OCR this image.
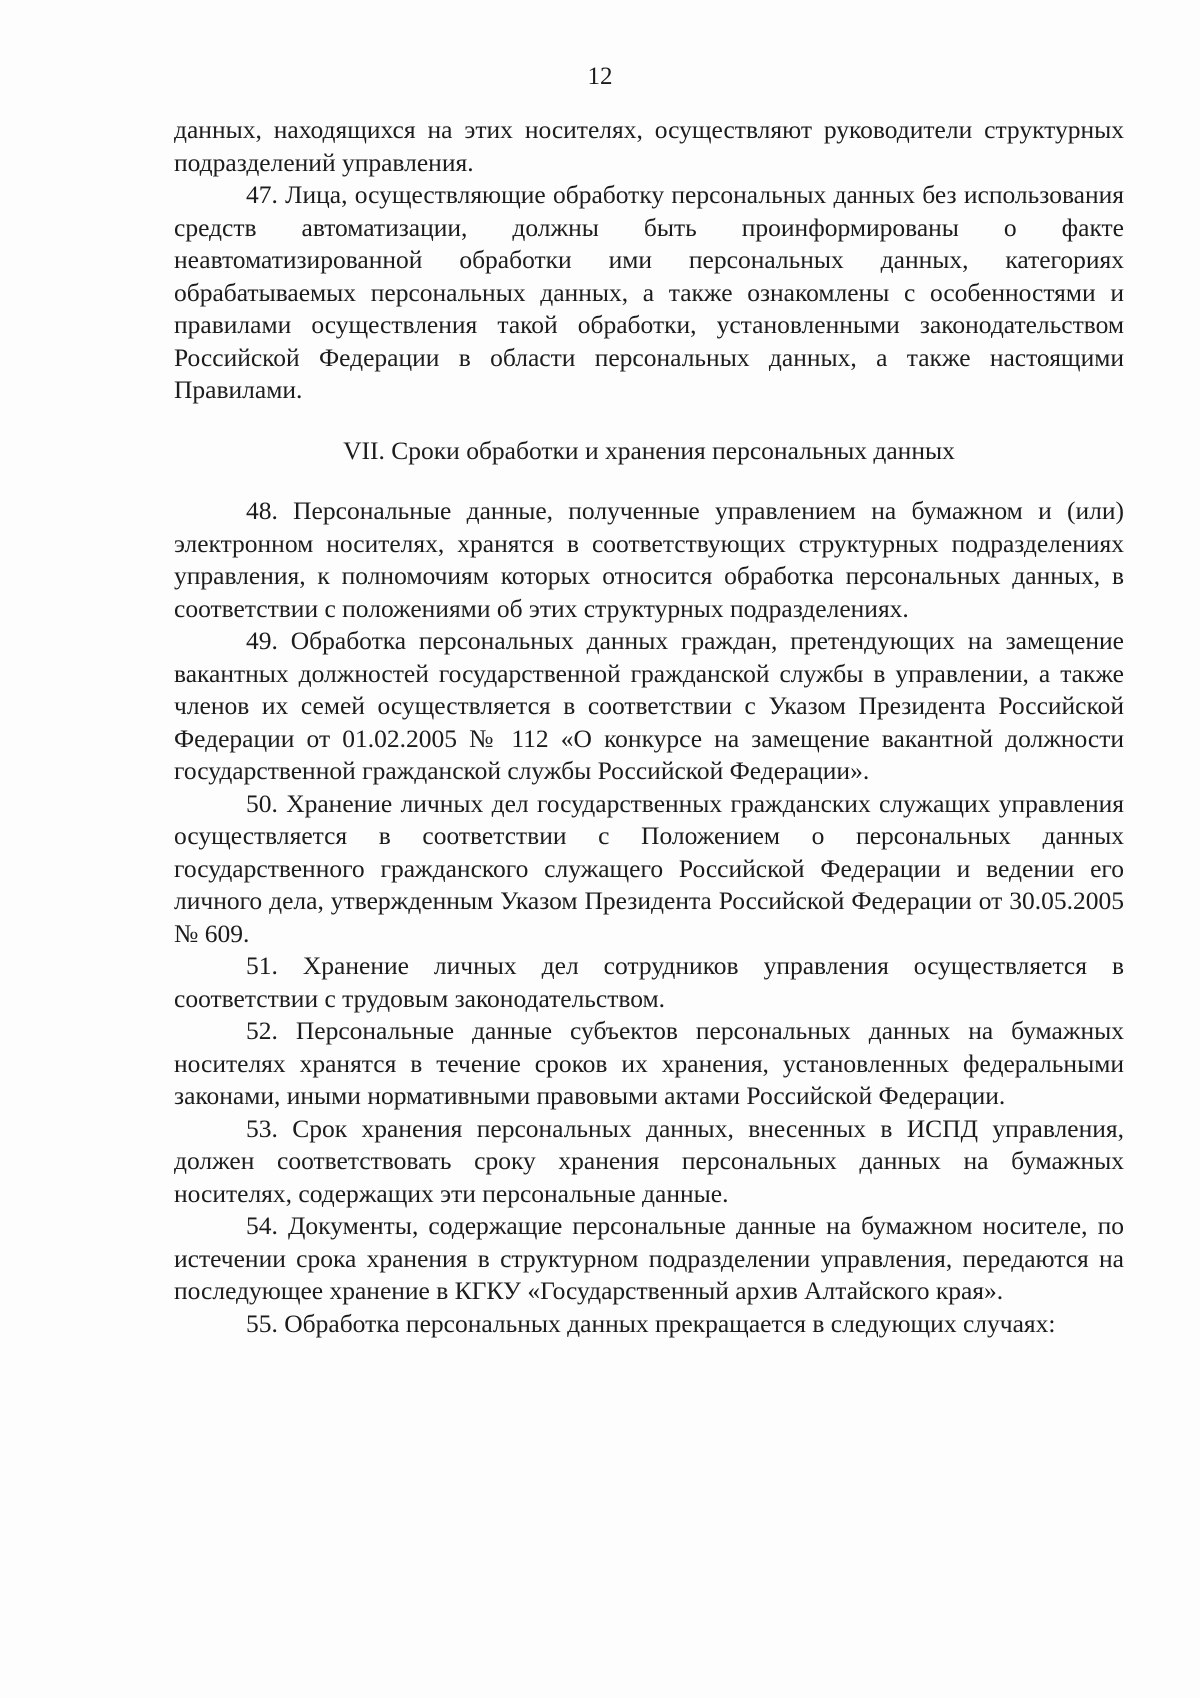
12

данных, находящихся на этих носителях, осуществляют руководители структурных подразделений управления.

47. Лица, осуществляющие обработку персональных данных без использования средств автоматизации, должны быть проинформированы о факте неавтоматизированной обработки ими персональных данных, категориях обрабатываемых персональных данных, а также ознакомлены с особенностями и правилами осуществления такой обработки, установленными законодательством Российской Федерации в области персональных данных, а также настоящими Правилами.

VII. Сроки обработки и хранения персональных данных

48. Персональные данные, полученные управлением на бумажном и (или) электронном носителях, хранятся в соответствующих структурных подразделениях управления, к полномочиям которых относится обработка персональных данных, в соответствии с положениями об этих структурных подразделениях.

49. Обработка персональных данных граждан, претендующих на замещение вакантных должностей государственной гражданской службы в управлении, а также членов их семей осуществляется в соответствии с Указом Президента Российской Федерации от 01.02.2005 № 112 «О конкурсе на замещение вакантной должности государственной гражданской службы Российской Федерации».

50. Хранение личных дел государственных гражданских служащих управления осуществляется в соответствии с Положением о персональных данных государственного гражданского служащего Российской Федерации и ведении его личного дела, утвержденным Указом Президента Российской Федерации от 30.05.2005 № 609.

51. Хранение личных дел сотрудников управления осуществляется в соответствии с трудовым законодательством.

52. Персональные данные субъектов персональных данных на бумажных носителях хранятся в течение сроков их хранения, установленных федеральными законами, иными нормативными правовыми актами Российской Федерации.

53. Срок хранения персональных данных, внесенных в ИСПД управления, должен соответствовать сроку хранения персональных данных на бумажных носителях, содержащих эти персональные данные.

54. Документы, содержащие персональные данные на бумажном носителе, по истечении срока хранения в структурном подразделении управления, передаются на последующее хранение в КГКУ «Государственный архив Алтайского края».

55. Обработка персональных данных прекращается в следующих случаях:
